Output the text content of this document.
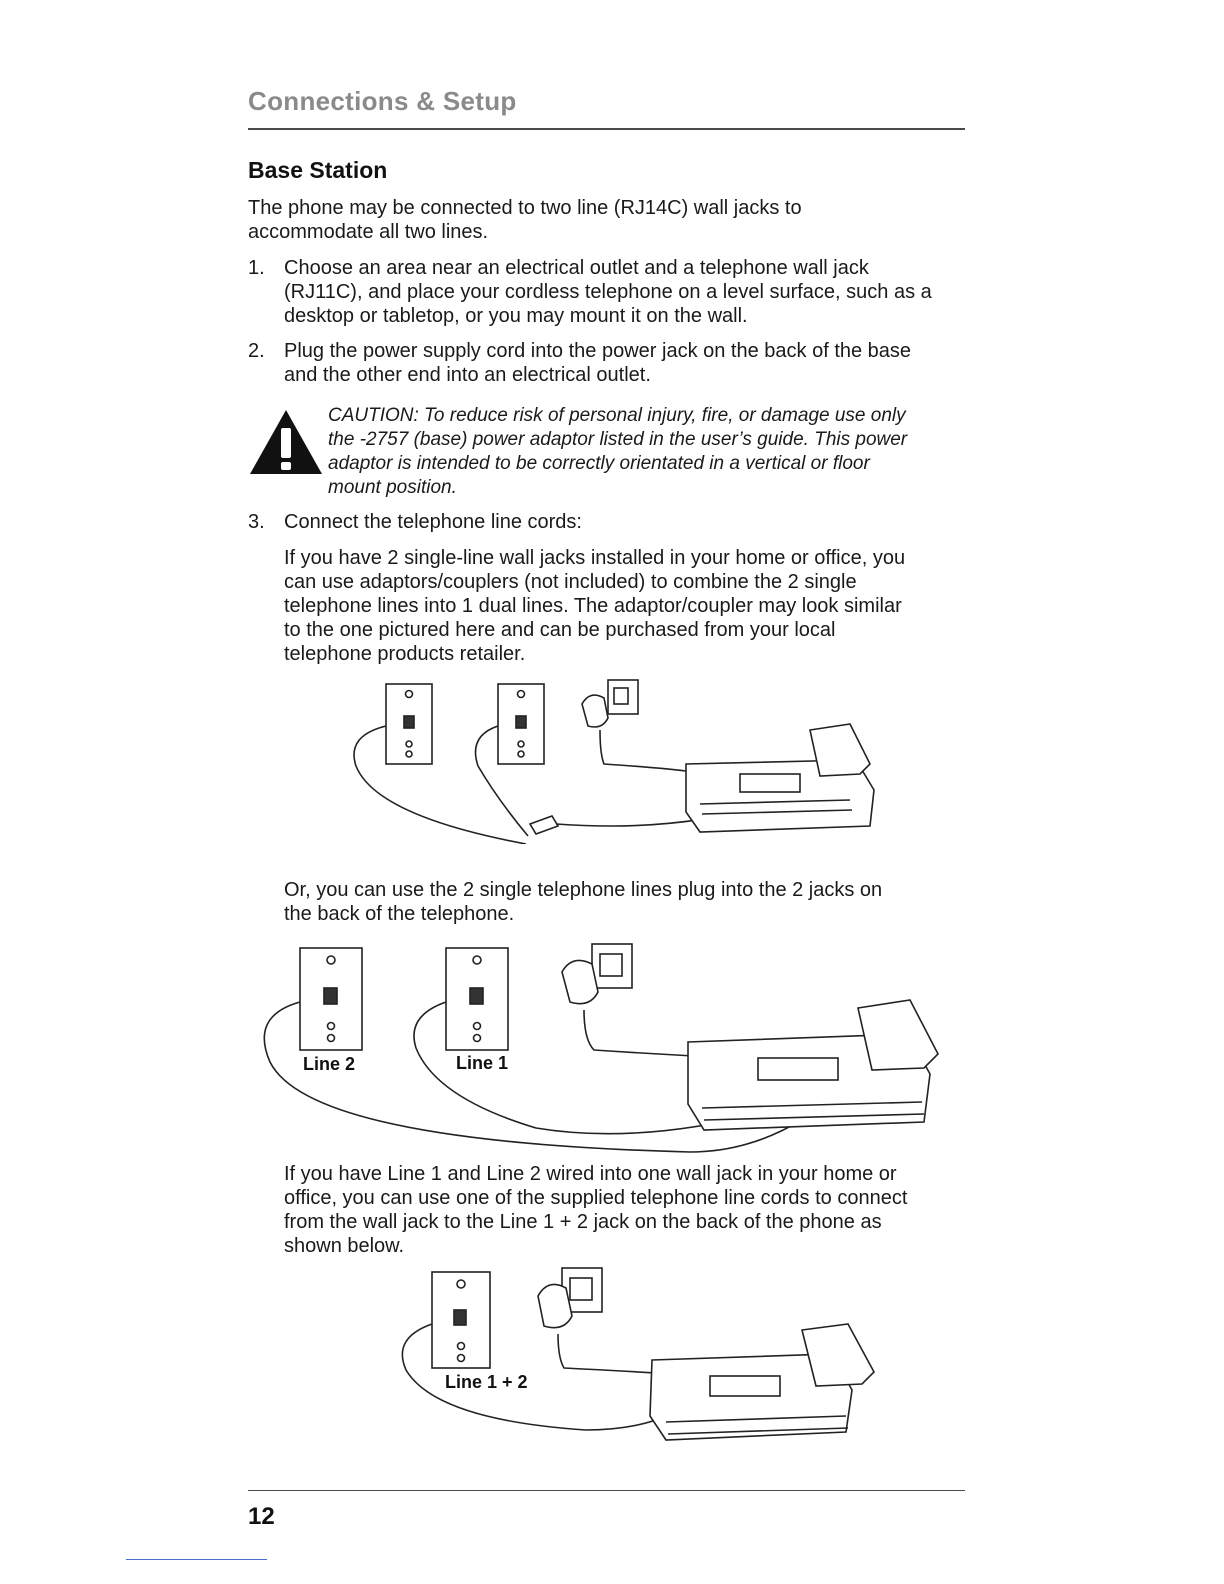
Connections & Setup
Base Station
The phone may be connected to two line (RJ14C) wall jacks to
accommodate all two lines.
1. Choose an area near an electrical outlet and a telephone wall jack
(RJ11C), and place your cordless telephone on a level surface, such as a
desktop or tabletop, or you may mount it on the wall.
2. Plug the power supply cord into the power jack on the back of the base
and the other end into an electrical outlet.
CAUTION: To reduce risk of personal injury, fire, or damage use only
the -2757 (base) power adaptor listed in the user’s guide. This power
adaptor is intended to be correctly orientated in a vertical or floor
mount position.
3. Connect the telephone line cords:
If you have 2 single-line wall jacks installed in your home or office, you
can use adaptors/couplers (not included) to combine the 2 single
telephone lines into 1 dual lines. The adaptor/coupler may look similar
to the one pictured here and can be purchased from your local
telephone products retailer.
Or, you can use the 2 single telephone lines plug into the 2 jacks on
the back of the telephone.
Line 2	Line 1
If you have Line 1 and Line 2 wired into one wall jack in your home or
office, you can use one of the supplied telephone line cords to connect
from the wall jack to the Line 1 + 2 jack on the back of the phone as
shown below.
Line 1 + 2
12
